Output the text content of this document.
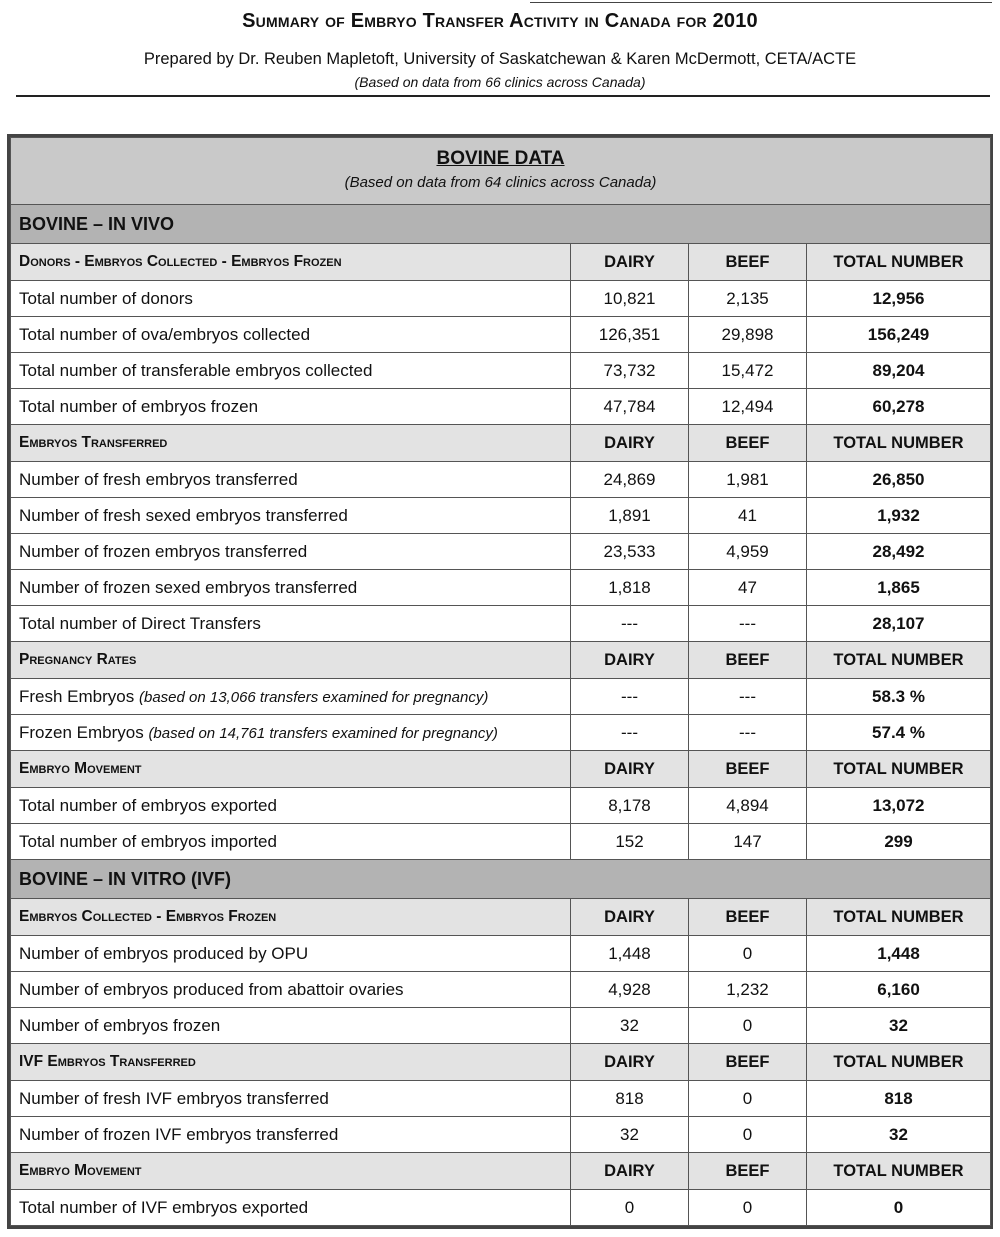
Summary of Embryo Transfer Activity in Canada for 2010
Prepared by Dr. Reuben Mapletoft, University of Saskatchewan & Karen McDermott, CETA/ACTE
(Based on data from 66 clinics across Canada)
BOVINE DATA
(Based on data from 64 clinics across Canada)			

BOVINE – IN VIVO			
Donors - Embryos Collected - Embryos Frozen	DAIRY	BEEF	TOTAL NUMBER
Total number of donors	10,821	2,135	12,956
Total number of ova/embryos collected	126,351	29,898	156,249
Total number of transferable embryos collected	73,732	15,472	89,204
Total number of embryos frozen	47,784	12,494	60,278
Embryos Transferred	DAIRY	BEEF	TOTAL NUMBER
Number of fresh embryos transferred	24,869	1,981	26,850
Number of fresh sexed embryos transferred	1,891	41	1,932
Number of frozen embryos transferred	23,533	4,959	28,492
Number of frozen sexed embryos transferred	1,818	47	1,865
Total number of Direct Transfers	---	---	28,107
Pregnancy Rates	DAIRY	BEEF	TOTAL NUMBER
Fresh Embryos (based on 13,066 transfers examined for pregnancy)	---	---	58.3 %
Frozen Embryos (based on 14,761 transfers examined for pregnancy)	---	---	57.4 %
Embryo Movement	DAIRY	BEEF	TOTAL NUMBER
Total number of embryos exported	8,178	4,894	13,072
Total number of embryos imported	152	147	299
BOVINE – IN VITRO (IVF)			
Embryos Collected - Embryos Frozen	DAIRY	BEEF	TOTAL NUMBER
Number of embryos produced by OPU	1,448	0	1,448
Number of embryos produced from abattoir ovaries	4,928	1,232	6,160
Number of embryos frozen	32	0	32
IVF Embryos Transferred	DAIRY	BEEF	TOTAL NUMBER
Number of fresh IVF embryos transferred	818	0	818
Number of frozen IVF embryos transferred	32	0	32
Embryo Movement	DAIRY	BEEF	TOTAL NUMBER
Total number of IVF embryos exported	0	0	0
